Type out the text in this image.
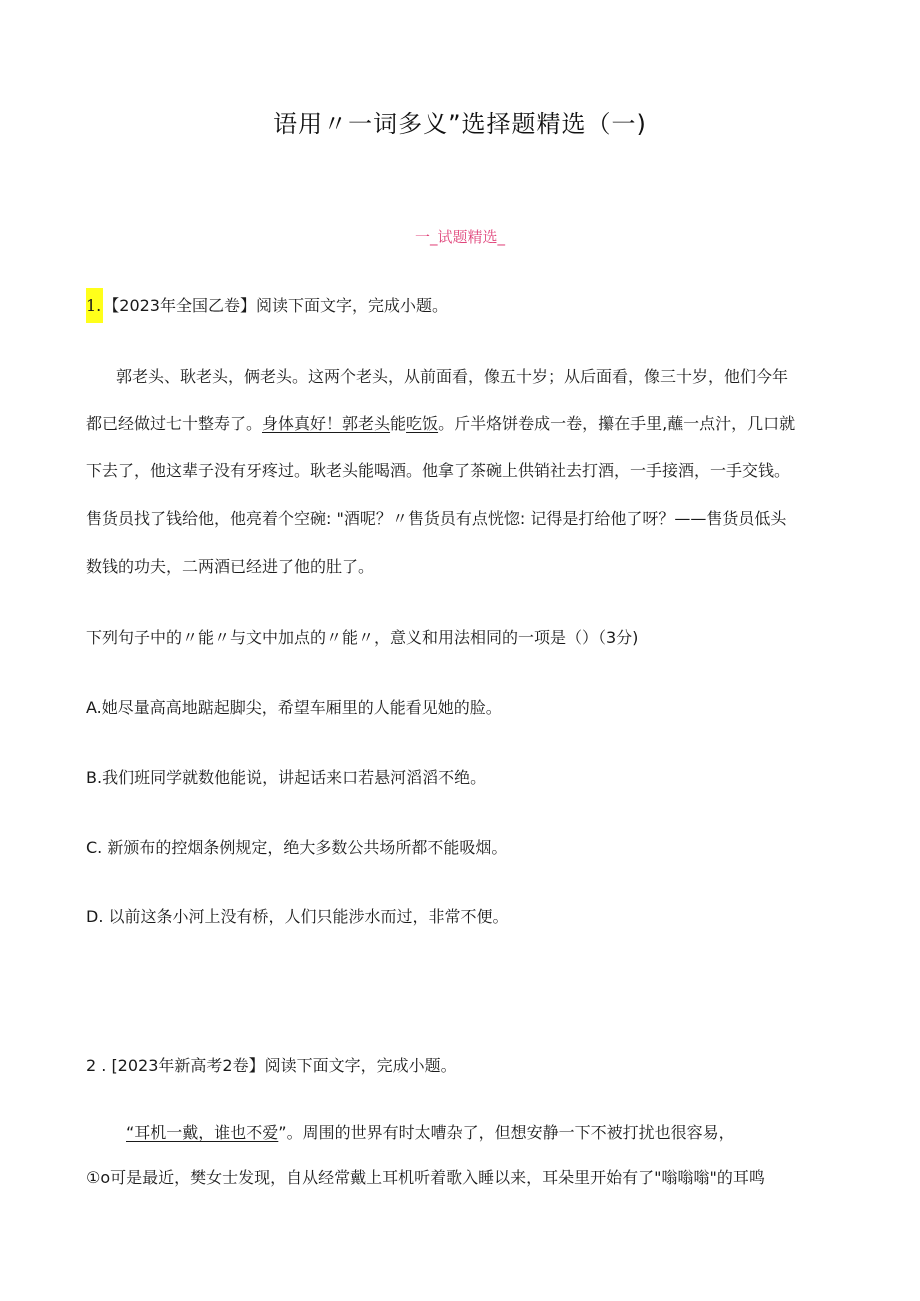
语用〃一词多义”选择题精选（一)
一_试题精选_
1. 【2023年全国乙卷】阅读下面文字，完成小题。
郭老头、耿老头，俩老头。这两个老头，从前面看，像五十岁；从后面看，像三十岁，他们今年
都已经做过七十整寿了。身体真好！郭老头能吃饭。斤半烙饼卷成一卷，攥在手里,蘸一点汁，几口就
下去了，他这辈子没有牙疼过。耿老头能喝酒。他拿了茶碗上供销社去打酒，一手接酒，一手交钱。
售货员找了钱给他，他亮着个空碗: "酒呢？〃售货员有点恍惚: 记得是打给他了呀？——售货员低头
数钱的功夫，二两酒已经进了他的肚了。
下列句子中的〃能〃与文中加点的〃能〃，意义和用法相同的一项是（）（3分)
A.她尽量高高地踮起脚尖，希望车厢里的人能看见她的脸。
B.我们班同学就数他能说，讲起话来口若悬河滔滔不绝。
C. 新颁布的控烟条例规定，绝大多数公共场所都不能吸烟。
D. 以前这条小河上没有桥，人们只能涉水而过，非常不便。
2 . [2023年新高考2卷】阅读下面文字，完成小题。
“耳机一戴，谁也不爱”。周围的世界有时太嘈杂了，但想安静一下不被打扰也很容易，
①o可是最近，樊女士发现，自从经常戴上耳机听着歌入睡以来，耳朵里开始有了"嗡嗡嗡"的耳鸣
